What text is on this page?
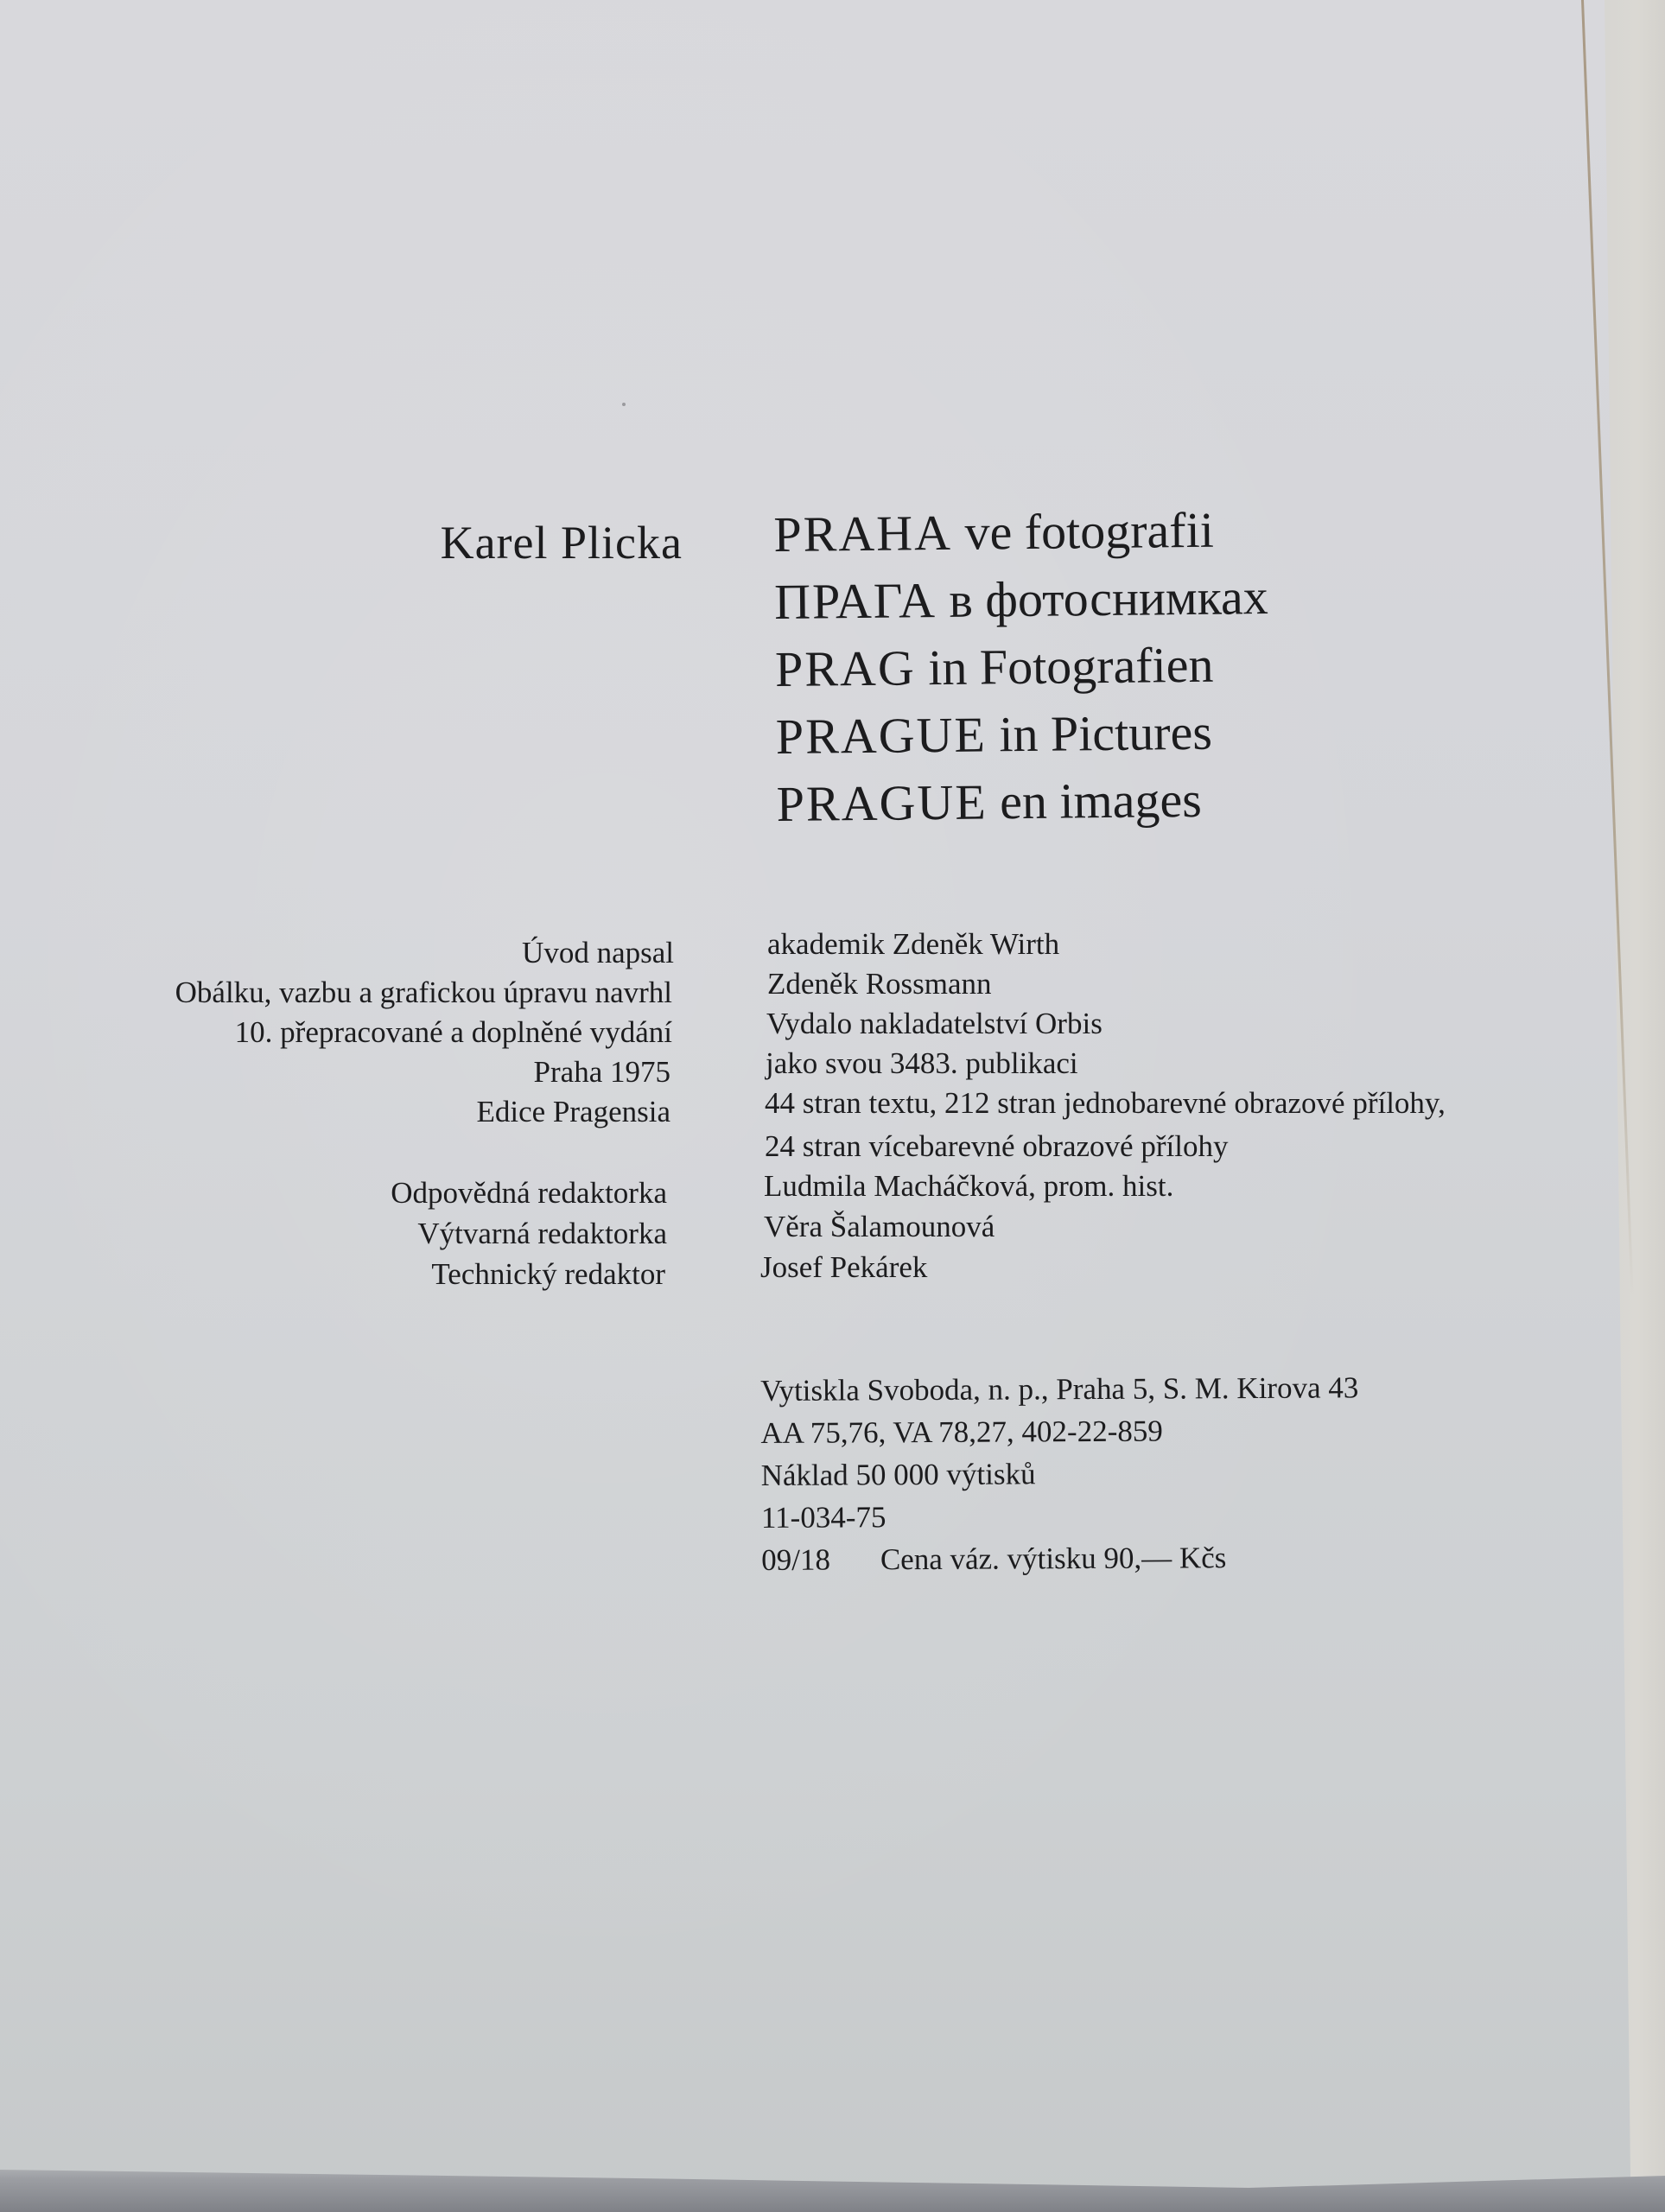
Karel Plicka PRAHA ve fotografii
ПРАГА в фотоснимках
PRAG in Fotografien
PRAGUE in Pictures
PRAGUE en images
Úvod napsal	akademik Zdeněk Wirth
Obálku, vazbu a grafickou úpravu navrhl	Zdeněk Rossmann
10. přepracované a doplněné vydání	Vydalo nakladatelství Orbis
Praha 1975	jako svou 3483. publikaci
Edice Pragensia	44 stran textu, 212 stran jednobarevné obrazové přílohy,
24 stran vícebarevné obrazové přílohy
Odpovědná redaktorka	Ludmila Macháčková, prom. hist.
Výtvarná redaktorka	Věra Šalamounová
Technický redaktor	Josef Pekárek
Vytiskla Svoboda, n. p., Praha 5, S. M. Kirova 43
AA 75,76, VA 78,27, 402-22-859
Náklad 50 000 výtisků
11-034-75
09/18 Cena váz. výtisku 90,— Kčs
